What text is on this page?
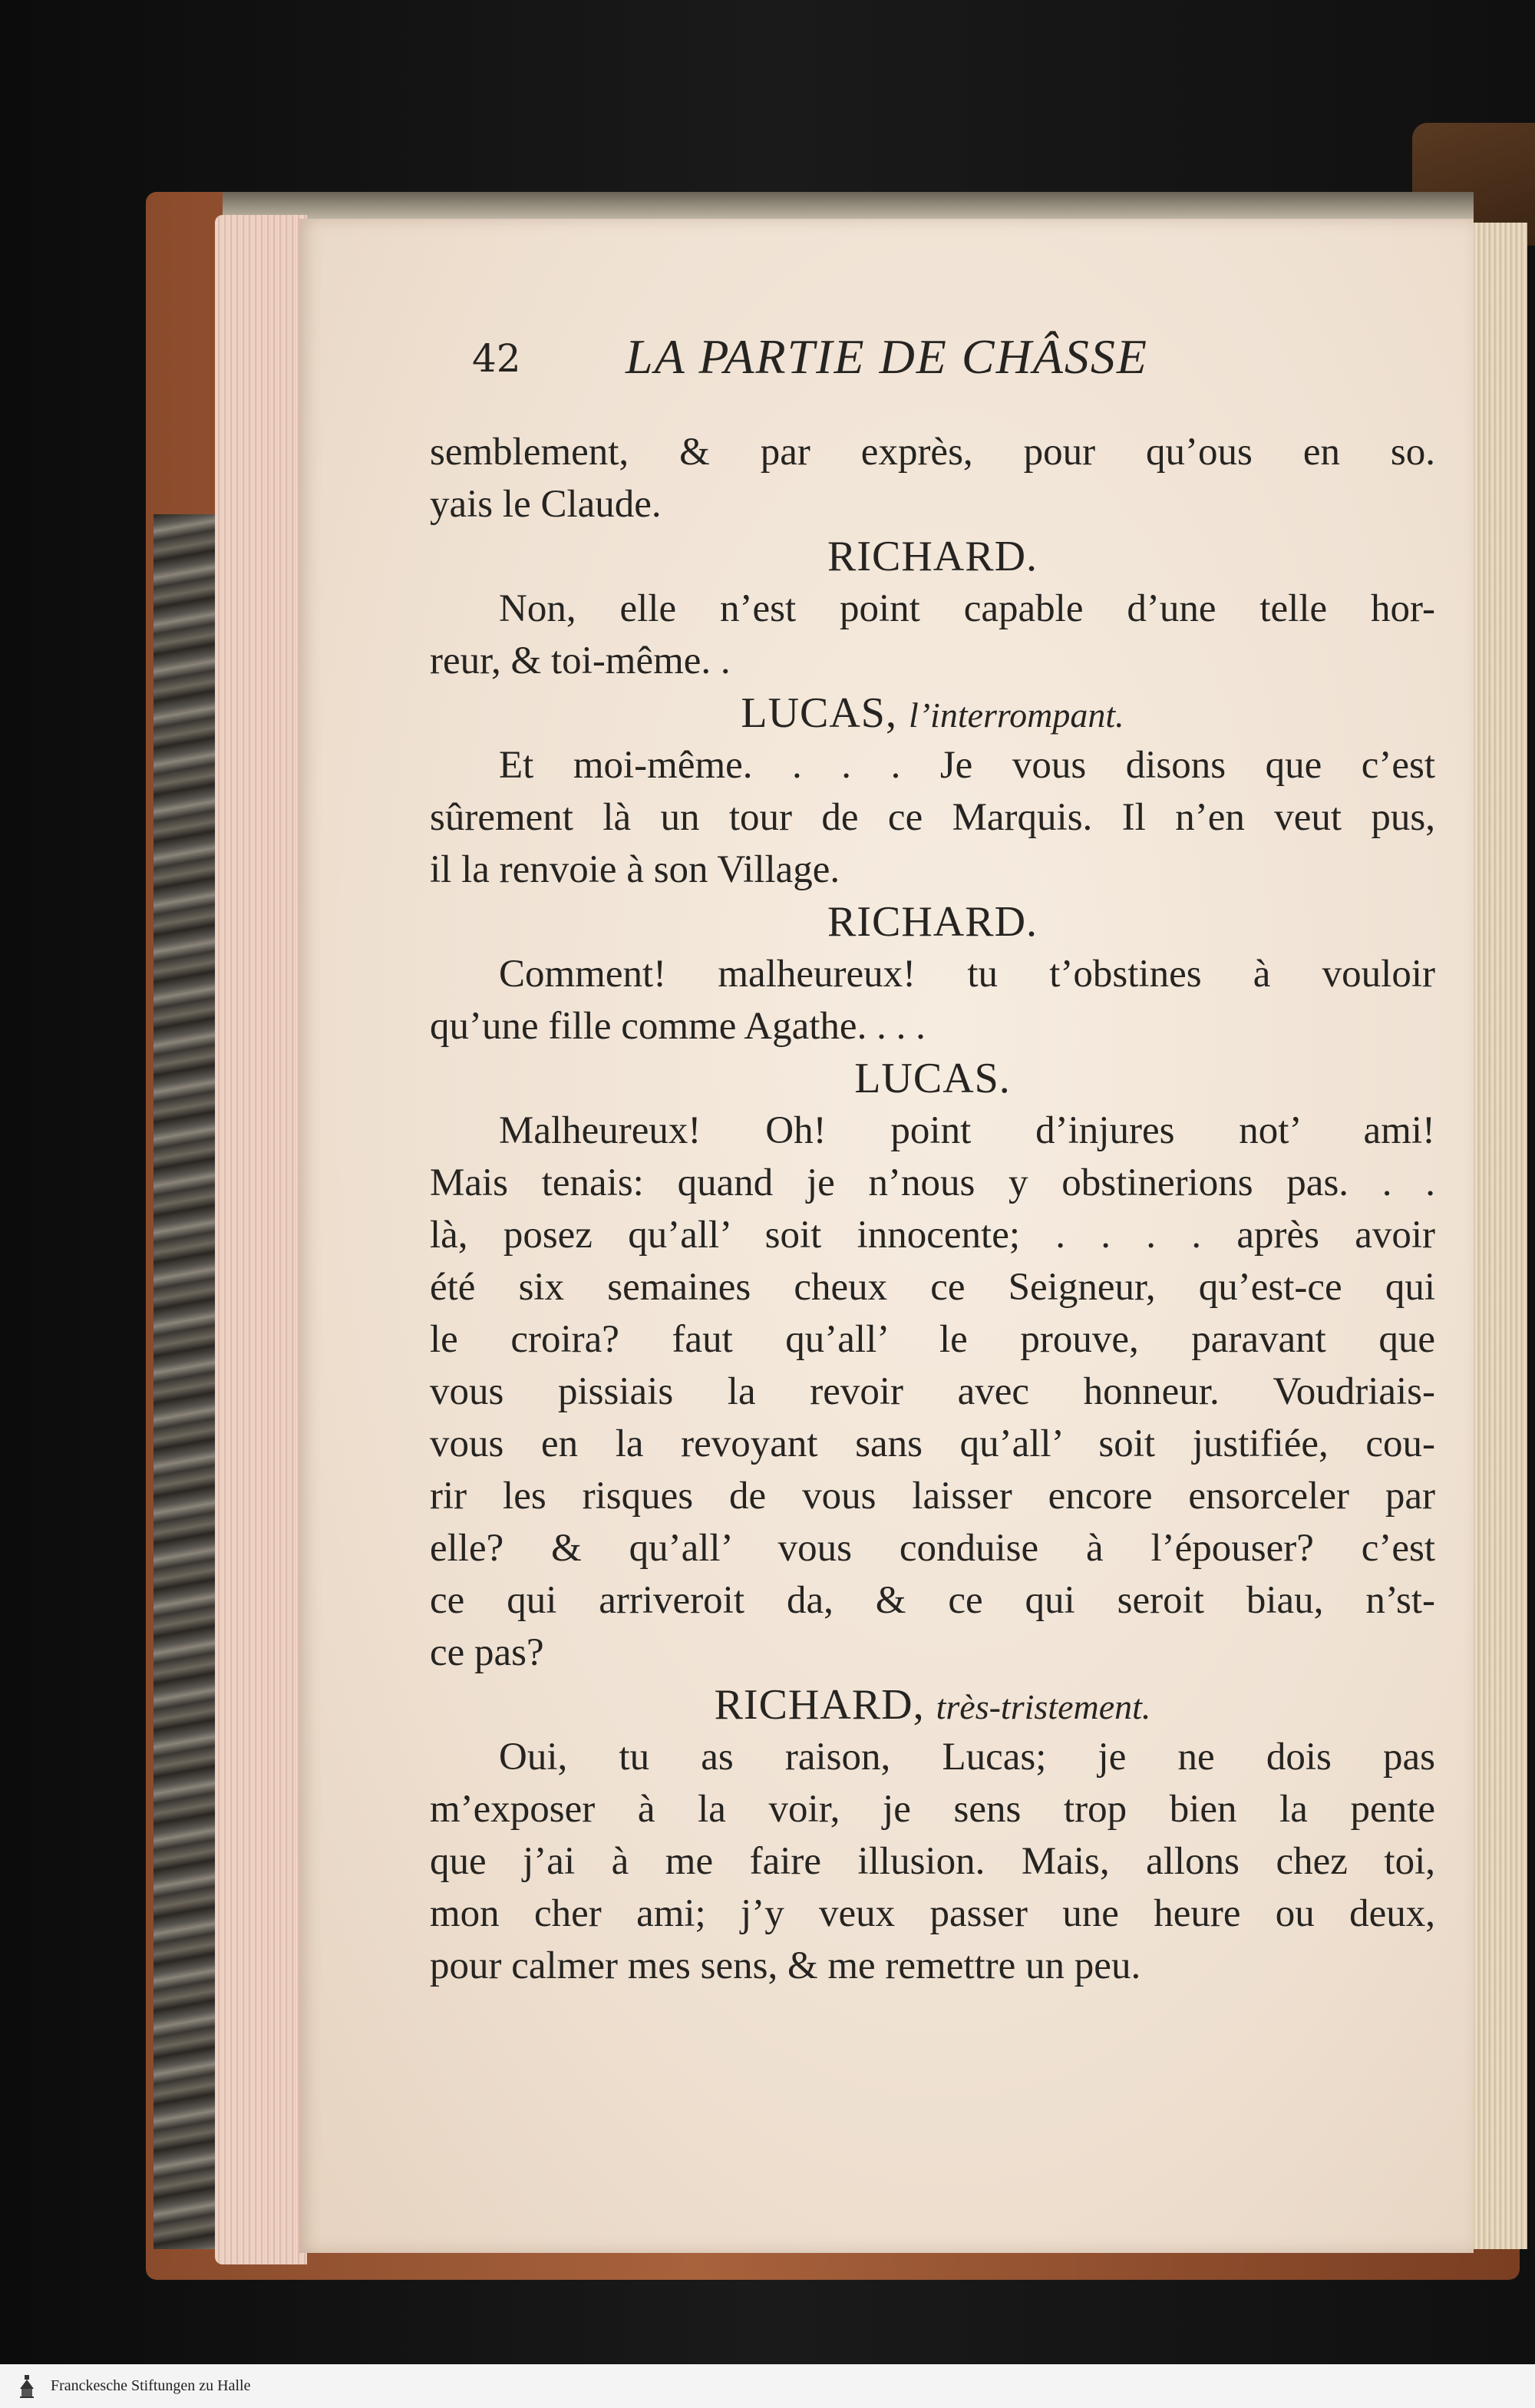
42 LA PARTIE DE CHÂSSE
semblement, & par exprès, pour qu’ous en so.
yais le Claude.
RICHARD.
Non, elle n’est point capable d’une telle hor-
reur, & toi-même. .
LUCAS, l’interrompant.
Et moi-même. . . . Je vous disons que c’est
sûrement là un tour de ce Marquis. Il n’en veut pus,
il la renvoie à son Village.
RICHARD.
Comment! malheureux! tu t’obstines à vouloir
qu’une fille comme Agathe. . . .
LUCAS.
Malheureux! Oh! point d’injures not’ ami!
Mais tenais: quand je n’nous y obstinerions pas. . .
là, posez qu’all’ soit innocente; . . . . après avoir
été six semaines cheux ce Seigneur, qu’est-ce qui
le croira? faut qu’all’ le prouve, paravant que
vous pissiais la revoir avec honneur. Voudriais-
vous en la revoyant sans qu’all’ soit justifiée, cou-
rir les risques de vous laisser encore ensorceler par
elle? & qu’all’ vous conduise à l’épouser? c’est
ce qui arriveroit da, & ce qui seroit biau, n’st-
ce pas?
RICHARD, très-tristement.
Oui, tu as raison, Lucas; je ne dois pas
m’exposer à la voir, je sens trop bien la pente
que j’ai à me faire illusion. Mais, allons chez toi,
mon cher ami; j’y veux passer une heure ou deux,
pour calmer mes sens, & me remettre un peu.
Franckesche Stiftungen zu Halle
